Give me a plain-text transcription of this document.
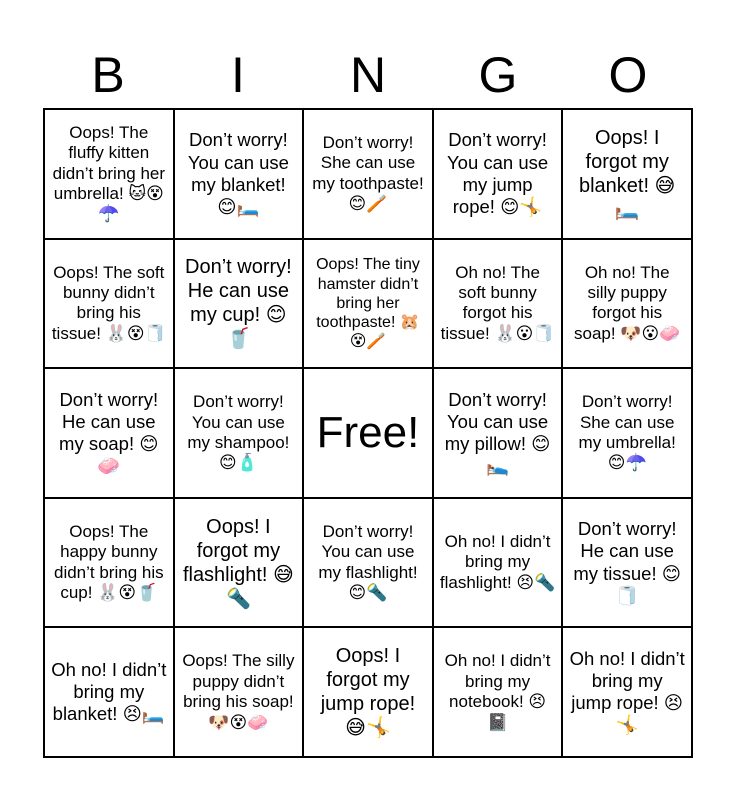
B	I	N	G	O
Oops! The fluffy kitten didn’t bring her umbrella! 🐱😵☂️
Don’t worry! You can use my blanket! 😊🛏️
Don’t worry! She can use my toothpaste! 😊🪥
Don’t worry! You can use my jump rope! 😊🤸
Oops! I forgot my blanket! 😅🛏️
Oops! The soft bunny didn’t bring his tissue! 🐰😵🧻
Don’t worry! He can use my cup! 😊🥤
Oops! The tiny hamster didn’t bring her toothpaste! 🐹😵🪥
Oh no! The soft bunny forgot his tissue! 🐰😮🧻
Oh no! The silly puppy forgot his soap! 🐶😮🧼
Don’t worry! He can use my soap! 😊🧼
Don’t worry! You can use my shampoo! 😊🧴
Free!
Don’t worry! You can use my pillow! 😊🛌
Don’t worry! She can use my umbrella! 😊☂️
Oops! The happy bunny didn’t bring his cup! 🐰😵🥤
Oops! I forgot my flashlight! 😅🔦
Don’t worry! You can use my flashlight! 😊🔦
Oh no! I didn’t bring my flashlight! 😣🔦
Don’t worry! He can use my tissue! 😊🧻
Oh no! I didn’t bring my blanket! 😣🛏️
Oops! The silly puppy didn’t bring his soap! 🐶😵🧼
Oops! I forgot my jump rope! 😅🤸
Oh no! I didn’t bring my notebook! 😣📓
Oh no! I didn’t bring my jump rope! 😣🤸
